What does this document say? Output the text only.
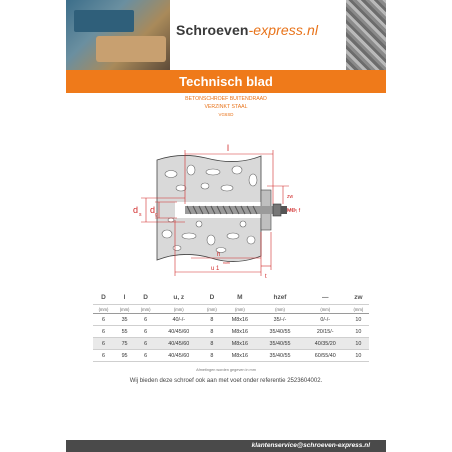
Schroeven-express.nl
Technisch blad
BETONSCHROEF BUITENDRAAD
VERZINKT STAAL
VG6SD
l
zw
MD, f
d s d g
h
nom
u 1
t
D	l	D	u, z	D	M	hzef	—	zw
(mm)	(mm)	(mm)	(mm)	(mm)	(mm)	(mm)	(mm)	(mm)
6	35	6	40/-/-	8	M8x16	35/-/-	0/-/-	10
6	55	6	40/45/60	8	M8x16	35/40/55	20/15/-	10
6	75	6	40/45/60	8	M8x16	35/40/55	40/35/20	10
6	95	6	40/45/60	8	M8x16	35/40/55	60/55/40	10
Afmetingen worden gegeven in mm
Wij bieden deze schroef ook aan met voet onder referentie 2523604002.
klantenservice@schroeven-express.nl
